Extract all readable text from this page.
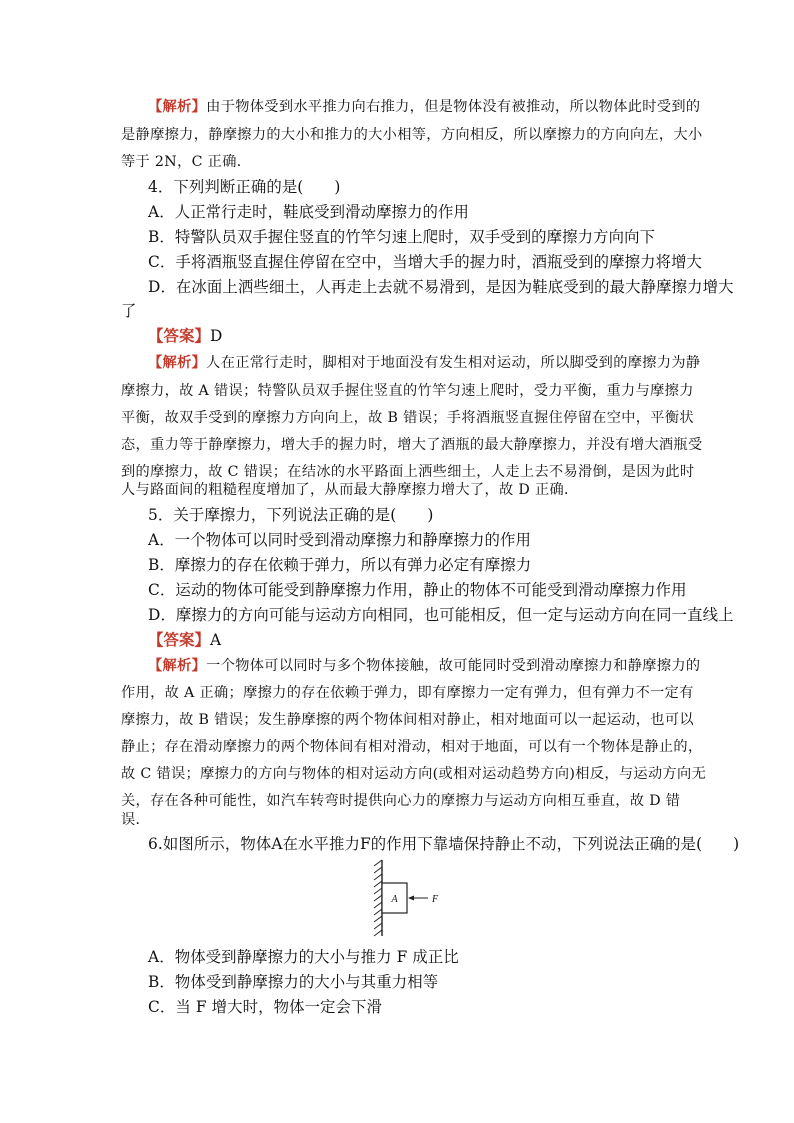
【解析】由于物体受到水平推力向右推力，但是物体没有被推动，所以物体此时受到的
是静摩擦力，静摩擦力的大小和推力的大小相等，方向相反，所以摩擦力的方向向左，大小
等于 2N，C 正确．
4．下列判断正确的是(　　)
A．人正常行走时，鞋底受到滑动摩擦力的作用
B．特警队员双手握住竖直的竹竿匀速上爬时，双手受到的摩擦力方向向下
C．手将酒瓶竖直握住停留在空中，当增大手的握力时，酒瓶受到的摩擦力将增大
D．在冰面上洒些细土，人再走上去就不易滑到，是因为鞋底受到的最大静摩擦力增大
了
【答案】D
【解析】人在正常行走时，脚相对于地面没有发生相对运动，所以脚受到的摩擦力为静
摩擦力，故 A 错误；特警队员双手握住竖直的竹竿匀速上爬时，受力平衡，重力与摩擦力
平衡，故双手受到的摩擦力方向向上，故 B 错误；手将酒瓶竖直握住停留在空中，平衡状
态，重力等于静摩擦力，增大手的握力时，增大了酒瓶的最大静摩擦力，并没有增大酒瓶受
到的摩擦力，故 C 错误；在结冰的水平路面上洒些细土，人走上去不易滑倒，是因为此时
人与路面间的粗糙程度增加了，从而最大静摩擦力增大了，故 D 正确．
5．关于摩擦力，下列说法正确的是(　　)
A．一个物体可以同时受到滑动摩擦力和静摩擦力的作用
B．摩擦力的存在依赖于弹力，所以有弹力必定有摩擦力
C．运动的物体可能受到静摩擦力作用，静止的物体不可能受到滑动摩擦力作用
D．摩擦力的方向可能与运动方向相同，也可能相反，但一定与运动方向在同一直线上
【答案】A
【解析】一个物体可以同时与多个物体接触，故可能同时受到滑动摩擦力和静摩擦力的
作用，故 A 正确；摩擦力的存在依赖于弹力，即有摩擦力一定有弹力，但有弹力不一定有
摩擦力，故 B 错误；发生静摩擦的两个物体间相对静止，相对地面可以一起运动，也可以
静止；存在滑动摩擦力的两个物体间有相对滑动，相对于地面，可以有一个物体是静止的，
故 C 错误；摩擦力的方向与物体的相对运动方向(或相对运动趋势方向)相反，与运动方向无
关，存在各种可能性，如汽车转弯时提供向心力的摩擦力与运动方向相互垂直，故 D 错
误．
6.如图所示，物体A在水平推力F的作用下靠墙保持静止不动，下列说法正确的是(　　)
A	F
A．物体受到静摩擦力的大小与推力 F 成正比
B．物体受到静摩擦力的大小与其重力相等
C．当 F 增大时，物体一定会下滑
